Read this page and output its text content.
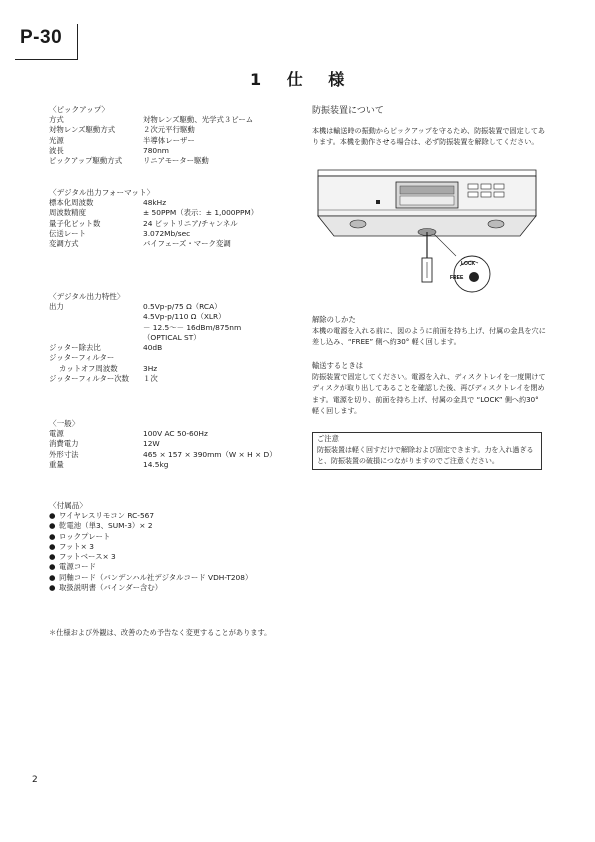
P-30
1 仕 様
〈ピックアップ〉
方式	対物レンズ駆動、光学式３ビーム
対物レンズ駆動方式	２次元平行駆動
光源	半導体レーザー
波長	780nm
ピックアップ駆動方式	リニアモーター駆動
〈デジタル出力フォーマット〉
標本化周波数	48kHz
周波数精度	± 50PPM（表示：± 1,000PPM）
量子化ビット数	24 ビットリニア/チャンネル
伝送レート	3.072Mb/sec
変調方式	バイフェーズ・マーク変調
〈デジタル出力特性〉
出力	0.5Vp-p/75 Ω（RCA）
4.5Vp-p/110 Ω（XLR）
－ 12.5～－ 16dBm/875nm
（OPTICAL ST）
ジッター除去比	40dB
ジッターフィルター
カットオフ周波数	3Hz
ジッターフィルター次数	１次
〈一般〉
電源	100V AC 50-60Hz
消費電力	12W
外形寸法	465 × 157 × 390mm（W × H × D）
重量	14.5kg
〈付属品〉
● ワイヤレスリモコン RC-567
● 乾電池（単3、SUM-3）× 2
● ロックプレート
● フット× 3
● フットベース× 3
● 電源コード
● 同軸コード（バンデンハル社デジタルコード VDH-T208）
● 取扱説明書（バインダー含む）
＊仕様および外観は、改善のため予告なく変更することがあります。
防振装置について
本機は輸送時の振動からピックアップを守るため、防振装置で固定してあります。本機を動作させる場合は、必ず防振装置を解除してください。
LOCK
FREE
解除のしかた
本機の電源を入れる前に、図のように前面を持ち上げ、付属の金具を穴に差し込み、“FREE” 側へ約30° 軽く回します。
輸送するときは
防振装置で固定してください。電源を入れ、ディスクトレイを一度開けてディスクが取り出してあることを確認した後、再びディスクトレイを閉めます。電源を切り、前面を持ち上げ、付属の金具で “LOCK” 側へ約30° 軽く回します。
ご注意
防振装置は軽く回すだけで解除および固定できます。力を入れ過ぎると、防振装置の破損につながりますのでご注意ください。
2
